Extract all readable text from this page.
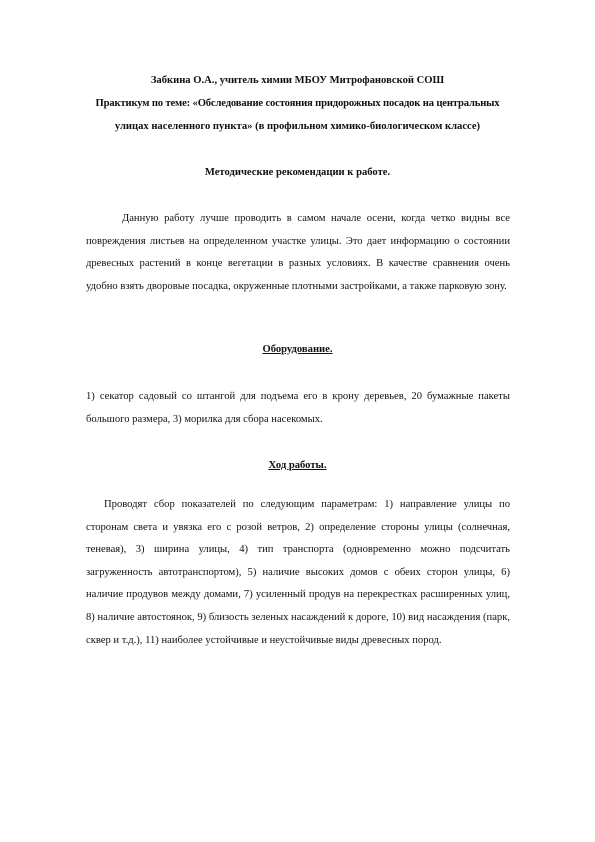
Забкина О.А., учитель химии МБОУ Митрофановской СОШ
Практикум по теме: «Обследование состояния придорожных посадок на центральных
улицах населенного пункта» (в профильном химико-биологическом классе)
Методические рекомендации к работе.
Данную работу лучше проводить в самом начале осени, когда четко видны все повреждения листьев на определенном участке улицы. Это дает информацию о состоянии древесных растений в конце вегетации в разных условиях. В качестве сравнения очень удобно взять дворовые посадка, окруженные плотными застройками, а также парковую зону.
Оборудование.
1) секатор садовый со штангой для подъема его в крону деревьев, 20 бумажные пакеты большого размера, 3) морилка для сбора насекомых.
Ход работы.
Проводят сбор показателей по следующим параметрам: 1) направление улицы по сторонам света и увязка его с розой ветров, 2) определение стороны улицы (солнечная, теневая), 3) ширина улицы, 4) тип транспорта (одновременно можно подсчитать загруженность автотранспортом), 5) наличие высоких домов с обеих сторон улицы, 6) наличие продувов между домами, 7) усиленный продув на перекрестках расширенных улиц, 8) наличие автостоянок, 9) близость зеленых насаждений к дороге, 10) вид насаждения (парк, сквер и т.д.), 11) наиболее устойчивые и неустойчивые виды древесных пород.
